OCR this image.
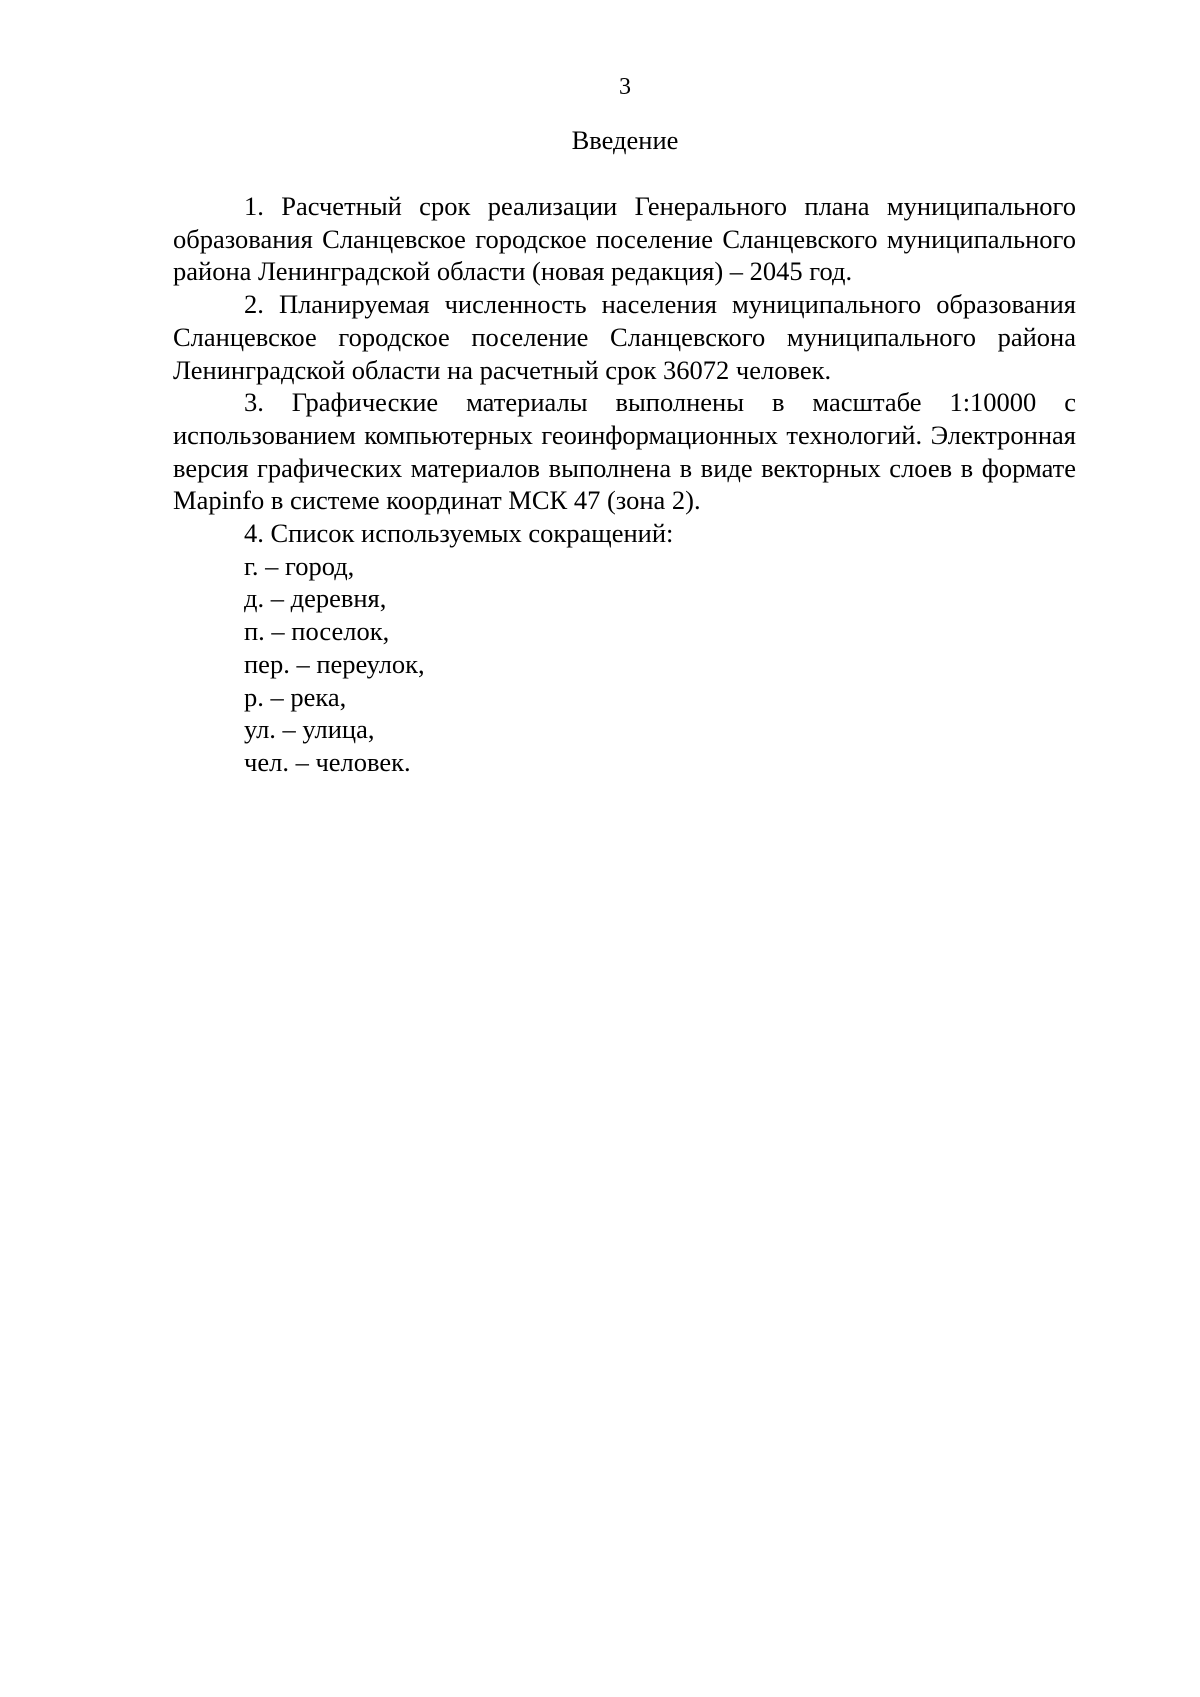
3
Введение

1. Расчетный срок реализации Генерального плана муниципального образования Сланцевское городское поселение Сланцевского муниципального района Ленинградской области (новая редакция) – 2045 год.

2. Планируемая численность населения муниципального образования Сланцевское городское поселение Сланцевского муниципального района Ленинградской области на расчетный срок 36072 человек.

3. Графические материалы выполнены в масштабе 1:10000 с использованием компьютерных геоинформационных технологий. Электронная версия графических материалов выполнена в виде векторных слоев в формате Mapinfo в системе координат МСК 47 (зона 2).

4. Список используемых сокращений:

г. – город,
д. – деревня,
п. – поселок,
пер. – переулок,
р. – река,
ул. – улица,
чел. – человек.
